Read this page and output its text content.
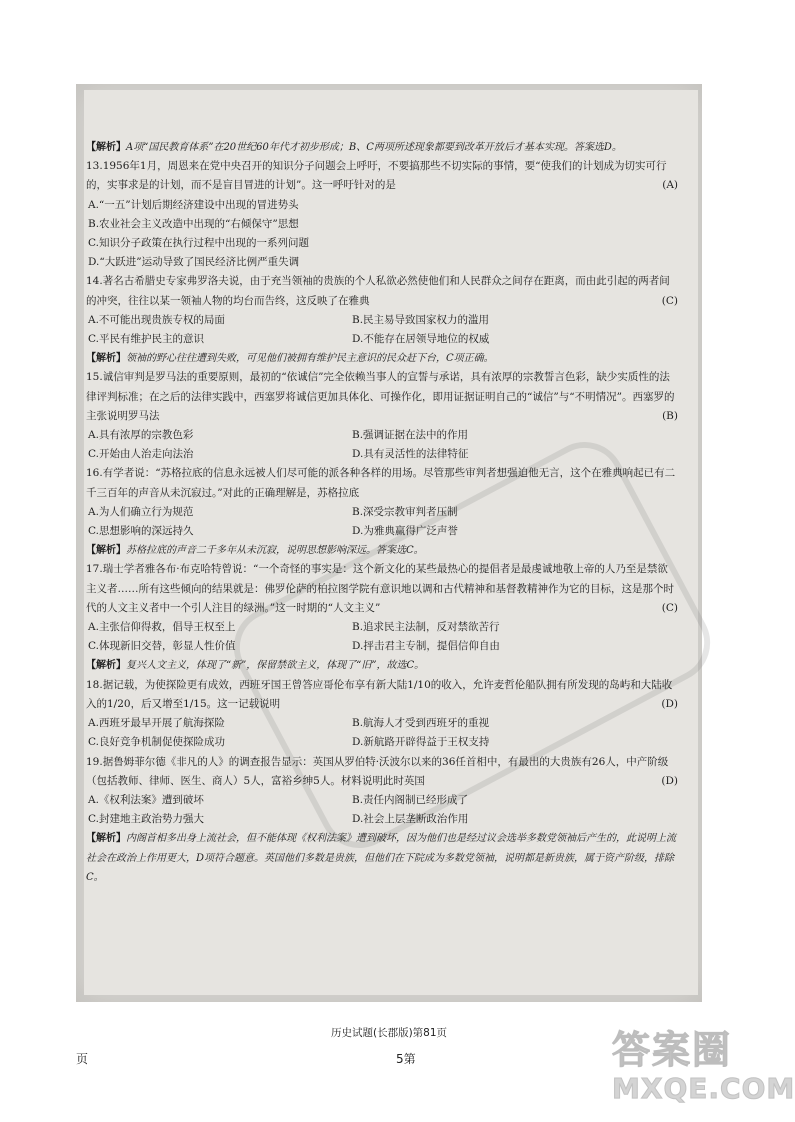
历史试题(长郡版)第81页

【解析】A项“国民教育体系”在20世纪60年代才初步形成；B、C两项所述现象都要到改革开放后才基本实现。答案选D。

13.1956年1月，周恩来在党中央召开的知识分子问题会上呼吁，不要搞那些不切实际的事情，要“使我们的计划成为切实可行的，实事求是的计划，而不是盲目冒进的计划”。这一呼吁针对的是	(A)

A.“一五”计划后期经济建设中出现的冒进势头

B.农业社会主义改造中出现的“右倾保守”思想

C.知识分子政策在执行过程中出现的一系列问题

D.“大跃进”运动导致了国民经济比例严重失调

14.著名古希腊史专家弗罗洛夫说，由于充当领袖的贵族的个人私欲必然使他们和人民群众之间存在距离，而由此引起的两者间的冲突，往往以某一领袖人物的均台而告终，这反映了在雅典	(C)

A.不可能出现贵族专权的局面	B.民主易导致国家权力的滥用
C.平民有维护民主的意识	D.不能存在居领导地位的权威

【解析】领袖的野心往往遭到失败，可见他们被拥有维护民主意识的民众赶下台，C项正确。

15.诚信审判是罗马法的重要原则，最初的“依诚信”完全依赖当事人的宣誓与承诺，具有浓厚的宗教誓言色彩，缺少实质性的法律评判标准；在之后的法律实践中，西塞罗将诚信更加具体化、可操作化，即用证据证明自己的“诚信”与“不明情况”。西塞罗的主张说明罗马法	(B)

A.具有浓厚的宗教色彩	B.强调证据在法中的作用
C.开始由人治走向法治	D.具有灵活性的法律特征

16.有学者说：“苏格拉底的信息永远被人们尽可能的派各种各样的用场。尽管那些审判者想强迫他无言，这个在雅典响起已有二千三百年的声音从未沉寂过。”对此的正确理解是，苏格拉底

A.为人们确立行为规范	B.深受宗教审判者压制
C.思想影响的深远持久	D.为雅典赢得广泛声誉

【解析】苏格拉底的声音二千多年从未沉寂，说明思想影响深远。答案选C。

17.瑞士学者雅各布·布克哈特曾说：“一个奇怪的事实是：这个新文化的某些最热心的提倡者是最虔诚地敬上帝的人乃至是禁欲主义者……所有这些倾向的结果就是：佛罗伦萨的柏拉图学院有意识地以调和古代精神和基督教精神作为它的目标，这是那个时代的人文主义者中一个引人注目的绿洲。”这一时期的“人文主义”	(C)

A.主张信仰得救，倡导王权至上	B.追求民主法制，反对禁欲苦行
C.体现新旧交替，彰显人性价值	D.抨击君主专制，提倡信仰自由

【解析】复兴人文主义，体现了“新”，保留禁欲主义，体现了“旧”，故选C。

18.据记载，为使探险更有成效，西班牙国王曾答应哥伦布享有新大陆1/10的收入，允许麦哲伦船队拥有所发现的岛屿和大陆收入的1/20，后又增至1/15。这一记载说明	(D)

A.西班牙最早开展了航海探险	B.航海人才受到西班牙的重视
C.良好竞争机制促使探险成功	D.新航路开辟得益于王权支持

19.据鲁姆菲尔德《非凡的人》的调查报告显示：英国从罗伯特·沃波尔以来的36任首相中，有最出的大贵族有26人，中产阶级（包括教师、律师、医生、商人）5人，富裕乡绅5人。材料说明此时英国	(D)

A.《权利法案》遭到破坏	B.责任内阁制已经形成了
C.封建地主政治势力强大	D.社会上层垄断政治作用

【解析】内阁首相多出身上流社会，但不能体现《权利法案》遭到破坏，因为他们也是经过议会选举多数党领袖后产生的，此说明上流社会在政治上作用更大，D项符合题意。英国他们多数是贵族，但他们在下院成为多数党领袖，说明都是新贵族，属于资产阶级，排除C。

页	5第	答案圈
MXQE.COM
